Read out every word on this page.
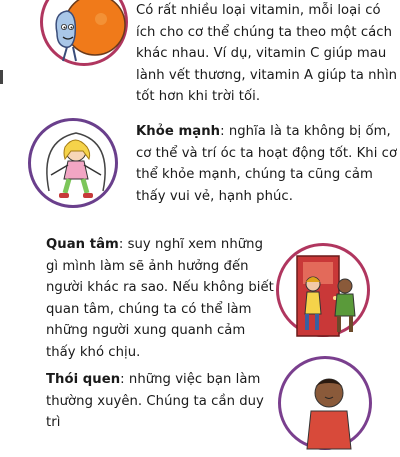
Có rất nhiều loại vitamin, mỗi loại có ích cho cơ thể chúng ta theo một cách khác nhau. Ví dụ, vitamin C giúp mau lành vết thương, vitamin A giúp ta nhìn tốt hơn khi trời tối.

Khỏe mạnh: nghĩa là ta không bị ốm, cơ thể và trí óc ta hoạt động tốt. Khi cơ thể khỏe mạnh, chúng ta cũng cảm thấy vui vẻ, hạnh phúc.

Quan tâm: suy nghĩ xem những gì mình làm sẽ ảnh hưởng đến người khác ra sao. Nếu không biết quan tâm, chúng ta có thể làm những người xung quanh cảm thấy khó chịu.

Thói quen: những việc bạn làm thường xuyên. Chúng ta cần duy trì
